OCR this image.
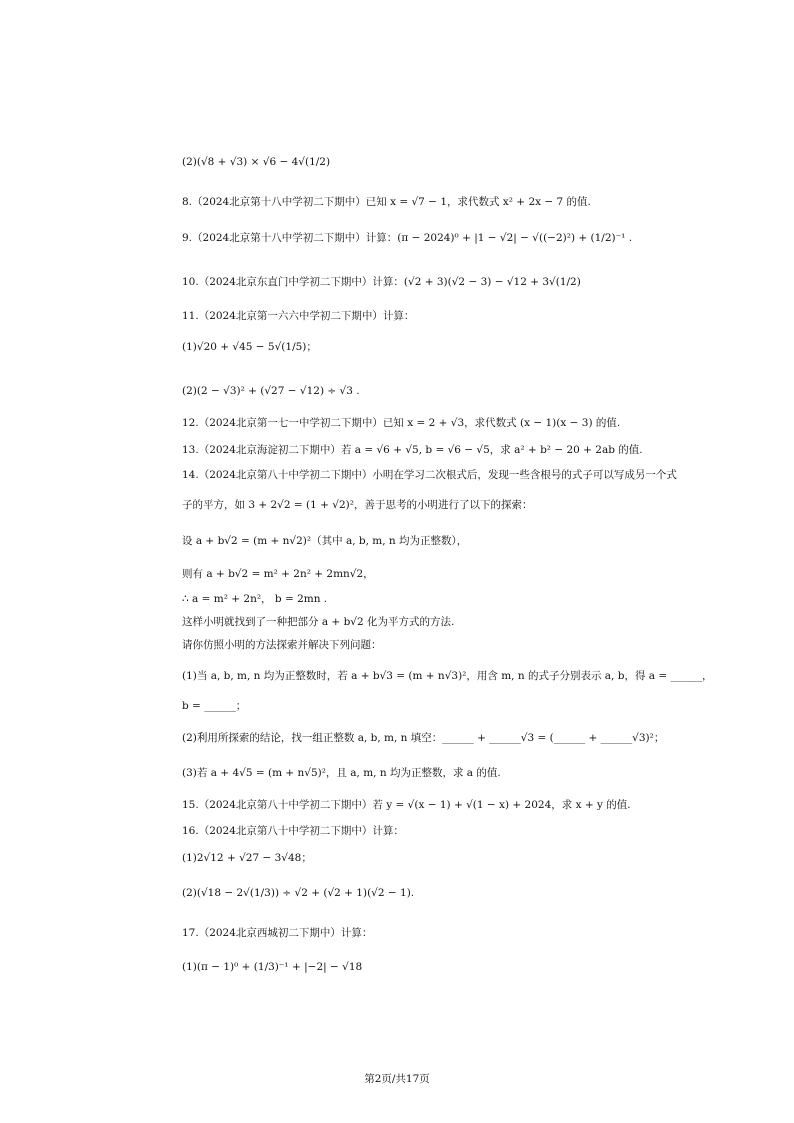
(2)(√8 + √3) × √6 − 4√(1/2)
8.（2024北京第十八中学初二下期中）已知 x = √7 − 1，求代数式 x² + 2x − 7 的值.
9.（2024北京第十八中学初二下期中）计算：(π − 2024)⁰ + |1 − √2| − √((−2)²) + (1/2)⁻¹ .
10.（2024北京东直门中学初二下期中）计算：(√2 + 3)(√2 − 3) − √12 + 3√(1/2)
11.（2024北京第一六六中学初二下期中）计算：
(1)√20 + √45 − 5√(1/5)；
(2)(2 − √3)² + (√27 − √12) ÷ √3 .
12.（2024北京第一七一中学初二下期中）已知 x = 2 + √3，求代数式 (x − 1)(x − 3) 的值.
13.（2024北京海淀初二下期中）若 a = √6 + √5, b = √6 − √5，求 a² + b² − 20 + 2ab 的值.
14.（2024北京第八十中学初二下期中）小明在学习二次根式后，发现一些含根号的式子可以写成另一个式
子的平方，如 3 + 2√2 = (1 + √2)²，善于思考的小明进行了以下的探索：
设 a + b√2 = (m + n√2)²（其中 a, b, m, n 均为正整数），
则有 a + b√2 = m² + 2n² + 2mn√2，
∴ a = m² + 2n²， b = 2mn .
这样小明就找到了一种把部分 a + b√2 化为平方式的方法.
请你仿照小明的方法探索并解决下列问题：
(1)当 a, b, m, n 均为正整数时，若 a + b√3 = (m + n√3)²，用含 m, n 的式子分别表示 a, b，得 a = ______，
b = ______；
(2)利用所探索的结论，找一组正整数 a, b, m, n 填空：______ + ______√3 = (______ + ______√3)²；
(3)若 a + 4√5 = (m + n√5)²，且 a, m, n 均为正整数，求 a 的值.
15.（2024北京第八十中学初二下期中）若 y = √(x − 1) + √(1 − x) + 2024，求 x + y 的值.
16.（2024北京第八十中学初二下期中）计算：
(1)2√12 + √27 − 3√48；
(2)(√18 − 2√(1/3)) ÷ √2 + (√2 + 1)(√2 − 1).
17.（2024北京西城初二下期中）计算：
(1)(π − 1)⁰ + (1/3)⁻¹ + |−2| − √18
第2页/共17页
